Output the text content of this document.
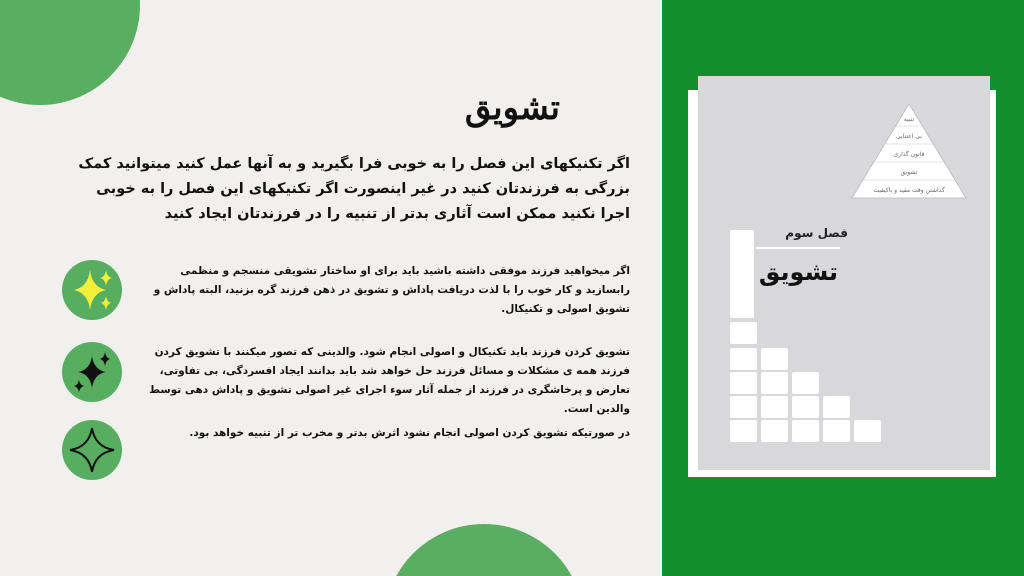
تنبیه
بی اعتنایی
قانون گذاری
تشویق
گذاشتن وقت مفید و باکیفیت
فصل سوم
تشویق
تشویق
اگر تکنیکهای این فصل را به خوبی فرا بگیرید و به آنها عمل کنید میتوانید کمک بزرگی به فرزندتان کنید در غیر اینصورت اگر تکنیکهای این فصل را به خوبی اجرا نکنید ممکن است آثاری بدتر از تنبیه را در فرزندتان ایجاد کنید
اگر میخواهید فرزند موفقی داشته باشید باید برای او ساختار تشویقی منسجم و منظمی رابسازید و کار خوب را با لذت دریافت پاداش و تشویق در ذهن فرزند گره بزنید، البته پاداش و تشویق اصولی و تکنیکال.
تشویق کردن فرزند باید تکنیکال و اصولی انجام شود. والدینی که تصور میکنند با تشویق کردن فرزند همه ی مشکلات و مسائل فرزند حل خواهد شد باید بدانند ایجاد افسردگی، بی تفاوتی، تعارض و پرخاشگری در فرزند از جمله آثار سوء اجرای غیر اصولی تشویق و پاداش دهی توسط والدین است.
در صورتیکه تشویق کردن اصولی انجام نشود اثرش بدتر و مخرب تر از تنبیه خواهد بود.
